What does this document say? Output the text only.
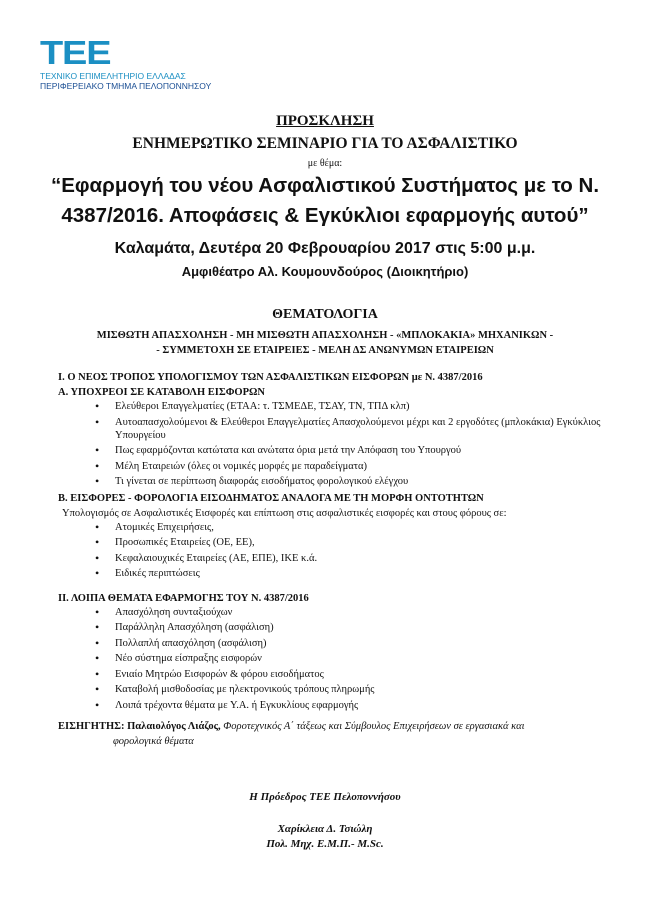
ΤΕΕ
ΤΕΧΝΙΚΟ ΕΠΙΜΕΛΗΤΗΡΙΟ ΕΛΛΑΔΑΣ
ΠΕΡΙΦΕΡΕΙΑΚΟ ΤΜΗΜΑ ΠΕΛΟΠΟΝΝΗΣΟΥ
ΠΡΟΣΚΛΗΣΗ
ΕΝΗΜΕΡΩΤΙΚΟ ΣΕΜΙΝΑΡΙΟ ΓΙΑ ΤΟ ΑΣΦΑΛΙΣΤΙΚΟ
με θέμα:
“Εφαρμογή του νέου Ασφαλιστικού Συστήματος με το Ν.
4387/2016. Αποφάσεις & Εγκύκλιοι εφαρμογής αυτού”
Καλαμάτα, Δευτέρα 20 Φεβρουαρίου 2017 στις 5:00 μ.μ.
Αμφιθέατρο Αλ. Κουμουνδούρος (Διοικητήριο)
ΘΕΜΑΤΟΛΟΓΙΑ
ΜΙΣΘΩΤΗ ΑΠΑΣΧΟΛΗΣΗ - ΜΗ ΜΙΣΘΩΤΗ ΑΠΑΣΧΟΛΗΣΗ - «ΜΠΛΟΚΑΚΙΑ» ΜΗΧΑΝΙΚΩΝ -
- ΣΥΜΜΕΤΟΧΗ ΣΕ ΕΤΑΙΡΕΙΕΣ - ΜΕΛΗ ΔΣ ΑΝΩΝΥΜΩΝ ΕΤΑΙΡΕΙΩΝ
Ι. Ο ΝΕΟΣ ΤΡΟΠΟΣ ΥΠΟΛΟΓΙΣΜΟΥ ΤΩΝ ΑΣΦΑΛΙΣΤΙΚΩΝ ΕΙΣΦΟΡΩΝ με Ν. 4387/2016
Α. ΥΠΟΧΡΕΟΙ ΣΕ ΚΑΤΑΒΟΛΗ ΕΙΣΦΟΡΩΝ
• Ελεύθεροι Επαγγελματίες (ΕΤΑΑ: τ. ΤΣΜΕΔΕ, ΤΣΑΥ, ΤΝ, ΤΠΔ κλπ)
• Αυτοαπασχολούμενοι & Ελεύθεροι Επαγγελματίες Απασχολούμενοι μέχρι και 2 εργοδότες (μπλοκάκια) Εγκύκλιος Υπουργείου
• Πως εφαρμόζονται κατώτατα και ανώτατα όρια μετά την Απόφαση του Υπουργού
• Μέλη Εταιρειών (όλες οι νομικές μορφές με παραδείγματα)
• Τι γίνεται σε περίπτωση διαφοράς εισοδήματος φορολογικού ελέγχου
Β. ΕΙΣΦΟΡΕΣ - ΦΟΡΟΛΟΓΙΑ ΕΙΣΟΔΗΜΑΤΟΣ ΑΝΑΛΟΓΑ ΜΕ ΤΗ ΜΟΡΦΗ ΟΝΤΟΤΗΤΩΝ
Υπολογισμός σε Ασφαλιστικές Εισφορές και επίπτωση στις ασφαλιστικές εισφορές και στους φόρους σε:
• Ατομικές Επιχειρήσεις,
• Προσωπικές Εταιρείες (ΟΕ, ΕΕ),
• Κεφαλαιουχικές Εταιρείες (ΑΕ, ΕΠΕ), ΙΚΕ κ.ά.
• Ειδικές περιπτώσεις
ΙΙ. ΛΟΙΠΑ ΘΕΜΑΤΑ ΕΦΑΡΜΟΓΗΣ ΤΟΥ Ν. 4387/2016
• Απασχόληση συνταξιούχων
• Παράλληλη Απασχόληση (ασφάλιση)
• Πολλαπλή απασχόληση (ασφάλιση)
• Νέο σύστημα είσπραξης εισφορών
• Ενιαίο Μητρώο Εισφορών & φόρου εισοδήματος
• Καταβολή μισθοδοσίας με ηλεκτρονικούς τρόπους πληρωμής
• Λοιπά τρέχοντα θέματα με Υ.Α. ή Εγκυκλίους εφαρμογής
ΕΙΣΗΓΗΤΗΣ: Παλαιολόγος Λιάζος, Φοροτεχνικός Α΄ τάξεως και Σύμβουλος Επιχειρήσεων σε εργασιακά και
φορολογικά θέματα
Η Πρόεδρος ΤΕΕ Πελοποννήσου
Χαρίκλεια Δ. Τσιώλη
Πολ. Μηχ. Ε.Μ.Π.- M.Sc.
